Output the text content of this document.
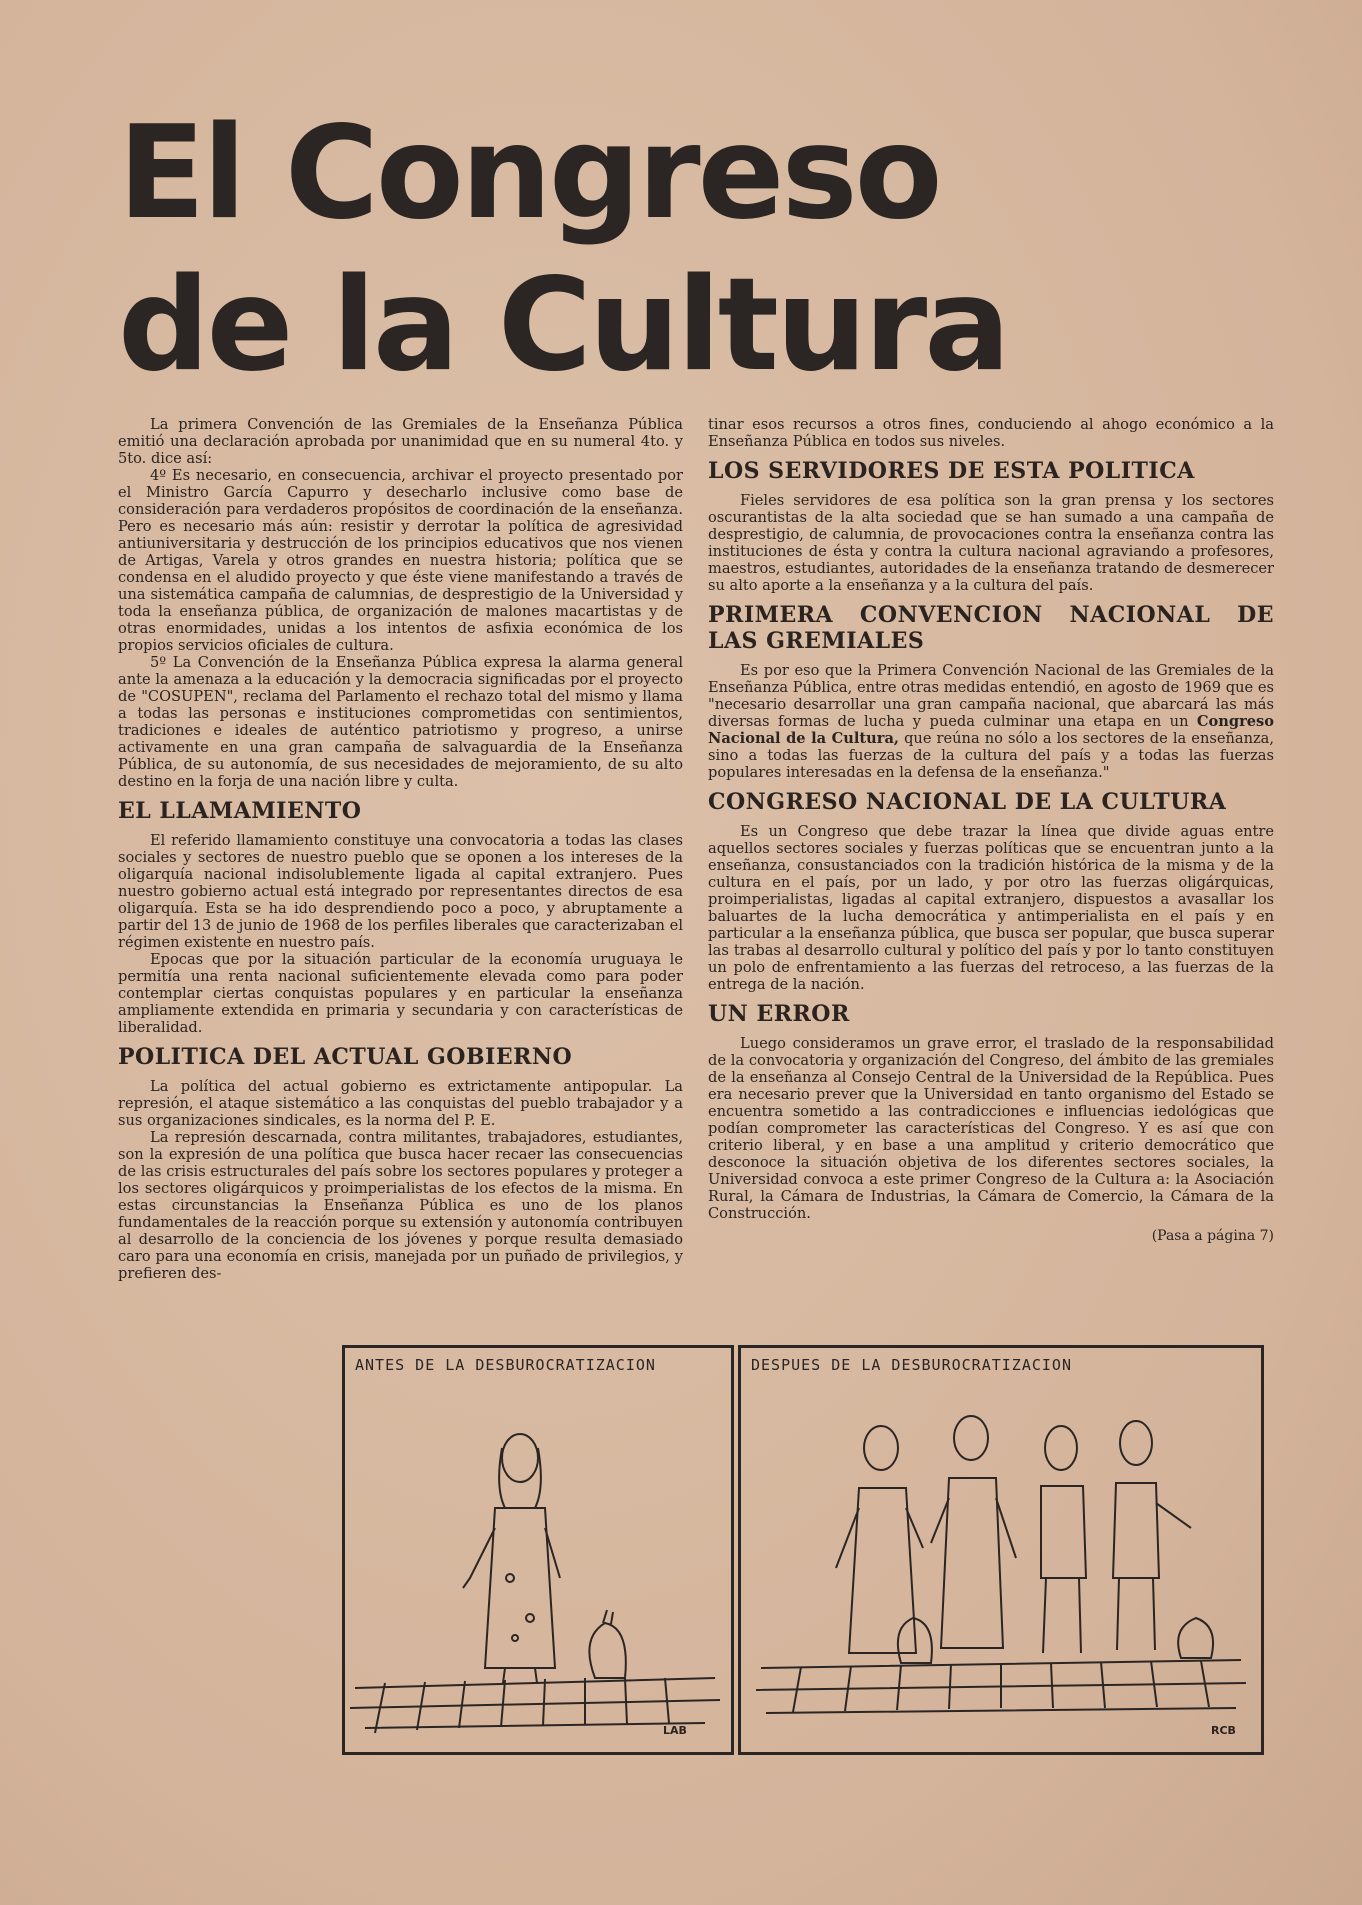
El Congreso
de la Cultura

La primera Convención de las Gremiales de la Enseñanza Pública emitió una declaración aprobada por unanimidad que en su numeral 4to. y 5to. dice así:

4º Es necesario, en consecuencia, archivar el proyecto presentado por el Ministro García Capurro y desecharlo inclusive como base de consideración para verdaderos propósitos de coordinación de la enseñanza. Pero es necesario más aún: resistir y derrotar la política de agresividad antiuniversitaria y destrucción de los principios educativos que nos vienen de Artigas, Varela y otros grandes en nuestra historia; política que se condensa en el aludido proyecto y que éste viene manifestando a través de una sistemática campaña de calumnias, de desprestigio de la Universidad y toda la enseñanza pública, de organización de malones macartistas y de otras enormidades, unidas a los intentos de asfixia económica de los propios servicios oficiales de cultura.

5º La Convención de la Enseñanza Pública expresa la alarma general ante la amenaza a la educación y la democracia significadas por el proyecto de "COSUPEN", reclama del Parlamento el rechazo total del mismo y llama a todas las personas e instituciones comprometidas con sentimientos, tradiciones e ideales de auténtico patriotismo y progreso, a unirse activamente en una gran campaña de salvaguardia de la Enseñanza Pública, de su autonomía, de sus necesidades de mejoramiento, de su alto destino en la forja de una nación libre y culta.

EL LLAMAMIENTO

El referido llamamiento constituye una convocatoria a todas las clases sociales y sectores de nuestro pueblo que se oponen a los intereses de la oligarquía nacional indisolublemente ligada al capital extranjero. Pues nuestro gobierno actual está integrado por representantes directos de esa oligarquía. Esta se ha ido desprendiendo poco a poco, y abruptamente a partir del 13 de junio de 1968 de los perfiles liberales que caracterizaban el régimen existente en nuestro país.

Epocas que por la situación particular de la economía uruguaya le permitía una renta nacional suficientemente elevada como para poder contemplar ciertas conquistas populares y en particular la enseñanza ampliamente extendida en primaria y secundaria y con características de liberalidad.

POLITICA DEL ACTUAL GOBIERNO

La política del actual gobierno es extrictamente antipopular. La represión, el ataque sistemático a las conquistas del pueblo trabajador y a sus organizaciones sindicales, es la norma del P. E.

La represión descarnada, contra militantes, trabajadores, estudiantes, son la expresión de una política que busca hacer recaer las consecuencias de las crisis estructurales del país sobre los sectores populares y proteger a los sectores oligárquicos y proimperialistas de los efectos de la misma. En estas circunstancias la Enseñanza Pública es uno de los planos fundamentales de la reacción porque su extensión y autonomía contribuyen al desarrollo de la conciencia de los jóvenes y porque resulta demasiado caro para una economía en crisis, manejada por un puñado de privilegios, y prefieren des-

tinar esos recursos a otros fines, conduciendo al ahogo económico a la Enseñanza Pública en todos sus niveles.

LOS SERVIDORES DE ESTA POLITICA

Fieles servidores de esa política son la gran prensa y los sectores oscurantistas de la alta sociedad que se han sumado a una campaña de desprestigio, de calumnia, de provocaciones contra la enseñanza contra las instituciones de ésta y contra la cultura nacional agraviando a profesores, maestros, estudiantes, autoridades de la enseñanza tratando de desmerecer su alto aporte a la enseñanza y a la cultura del país.

PRIMERA CONVENCION NACIONAL DE LAS GREMIALES

Es por eso que la Primera Convención Nacional de las Gremiales de la Enseñanza Pública, entre otras medidas entendió, en agosto de 1969 que es "necesario desarrollar una gran campaña nacional, que abarcará las más diversas formas de lucha y pueda culminar una etapa en un Congreso Nacional de la Cultura, que reúna no sólo a los sectores de la enseñanza, sino a todas las fuerzas de la cultura del país y a todas las fuerzas populares interesadas en la defensa de la enseñanza."

CONGRESO NACIONAL DE LA CULTURA

Es un Congreso que debe trazar la línea que divide aguas entre aquellos sectores sociales y fuerzas políticas que se encuentran junto a la enseñanza, consustanciados con la tradición histórica de la misma y de la cultura en el país, por un lado, y por otro las fuerzas oligárquicas, proimperialistas, ligadas al capital extranjero, dispuestos a avasallar los baluartes de la lucha democrática y antimperialista en el país y en particular a la enseñanza pública, que busca ser popular, que busca superar las trabas al desarrollo cultural y político del país y por lo tanto constituyen un polo de enfrentamiento a las fuerzas del retroceso, a las fuerzas de la entrega de la nación.

UN ERROR

Luego consideramos un grave error, el traslado de la responsabilidad de la convocatoria y organización del Congreso, del ámbito de las gremiales de la enseñanza al Consejo Central de la Universidad de la República. Pues era necesario prever que la Universidad en tanto organismo del Estado se encuentra sometido a las contradicciones e influencias iedológicas que podían comprometer las características del Congreso. Y es así que con criterio liberal, y en base a una amplitud y criterio democrático que desconoce la situación objetiva de los diferentes sectores sociales, la Universidad convoca a este primer Congreso de la Cultura a: la Asociación Rural, la Cámara de Industrias, la Cámara de Comercio, la Cámara de la Construcción.

(Pasa a página 7)
ANTES DE LA DESBUROCRATIZACION
LAB
DESPUES DE LA DESBUROCRATIZACION
RCB
